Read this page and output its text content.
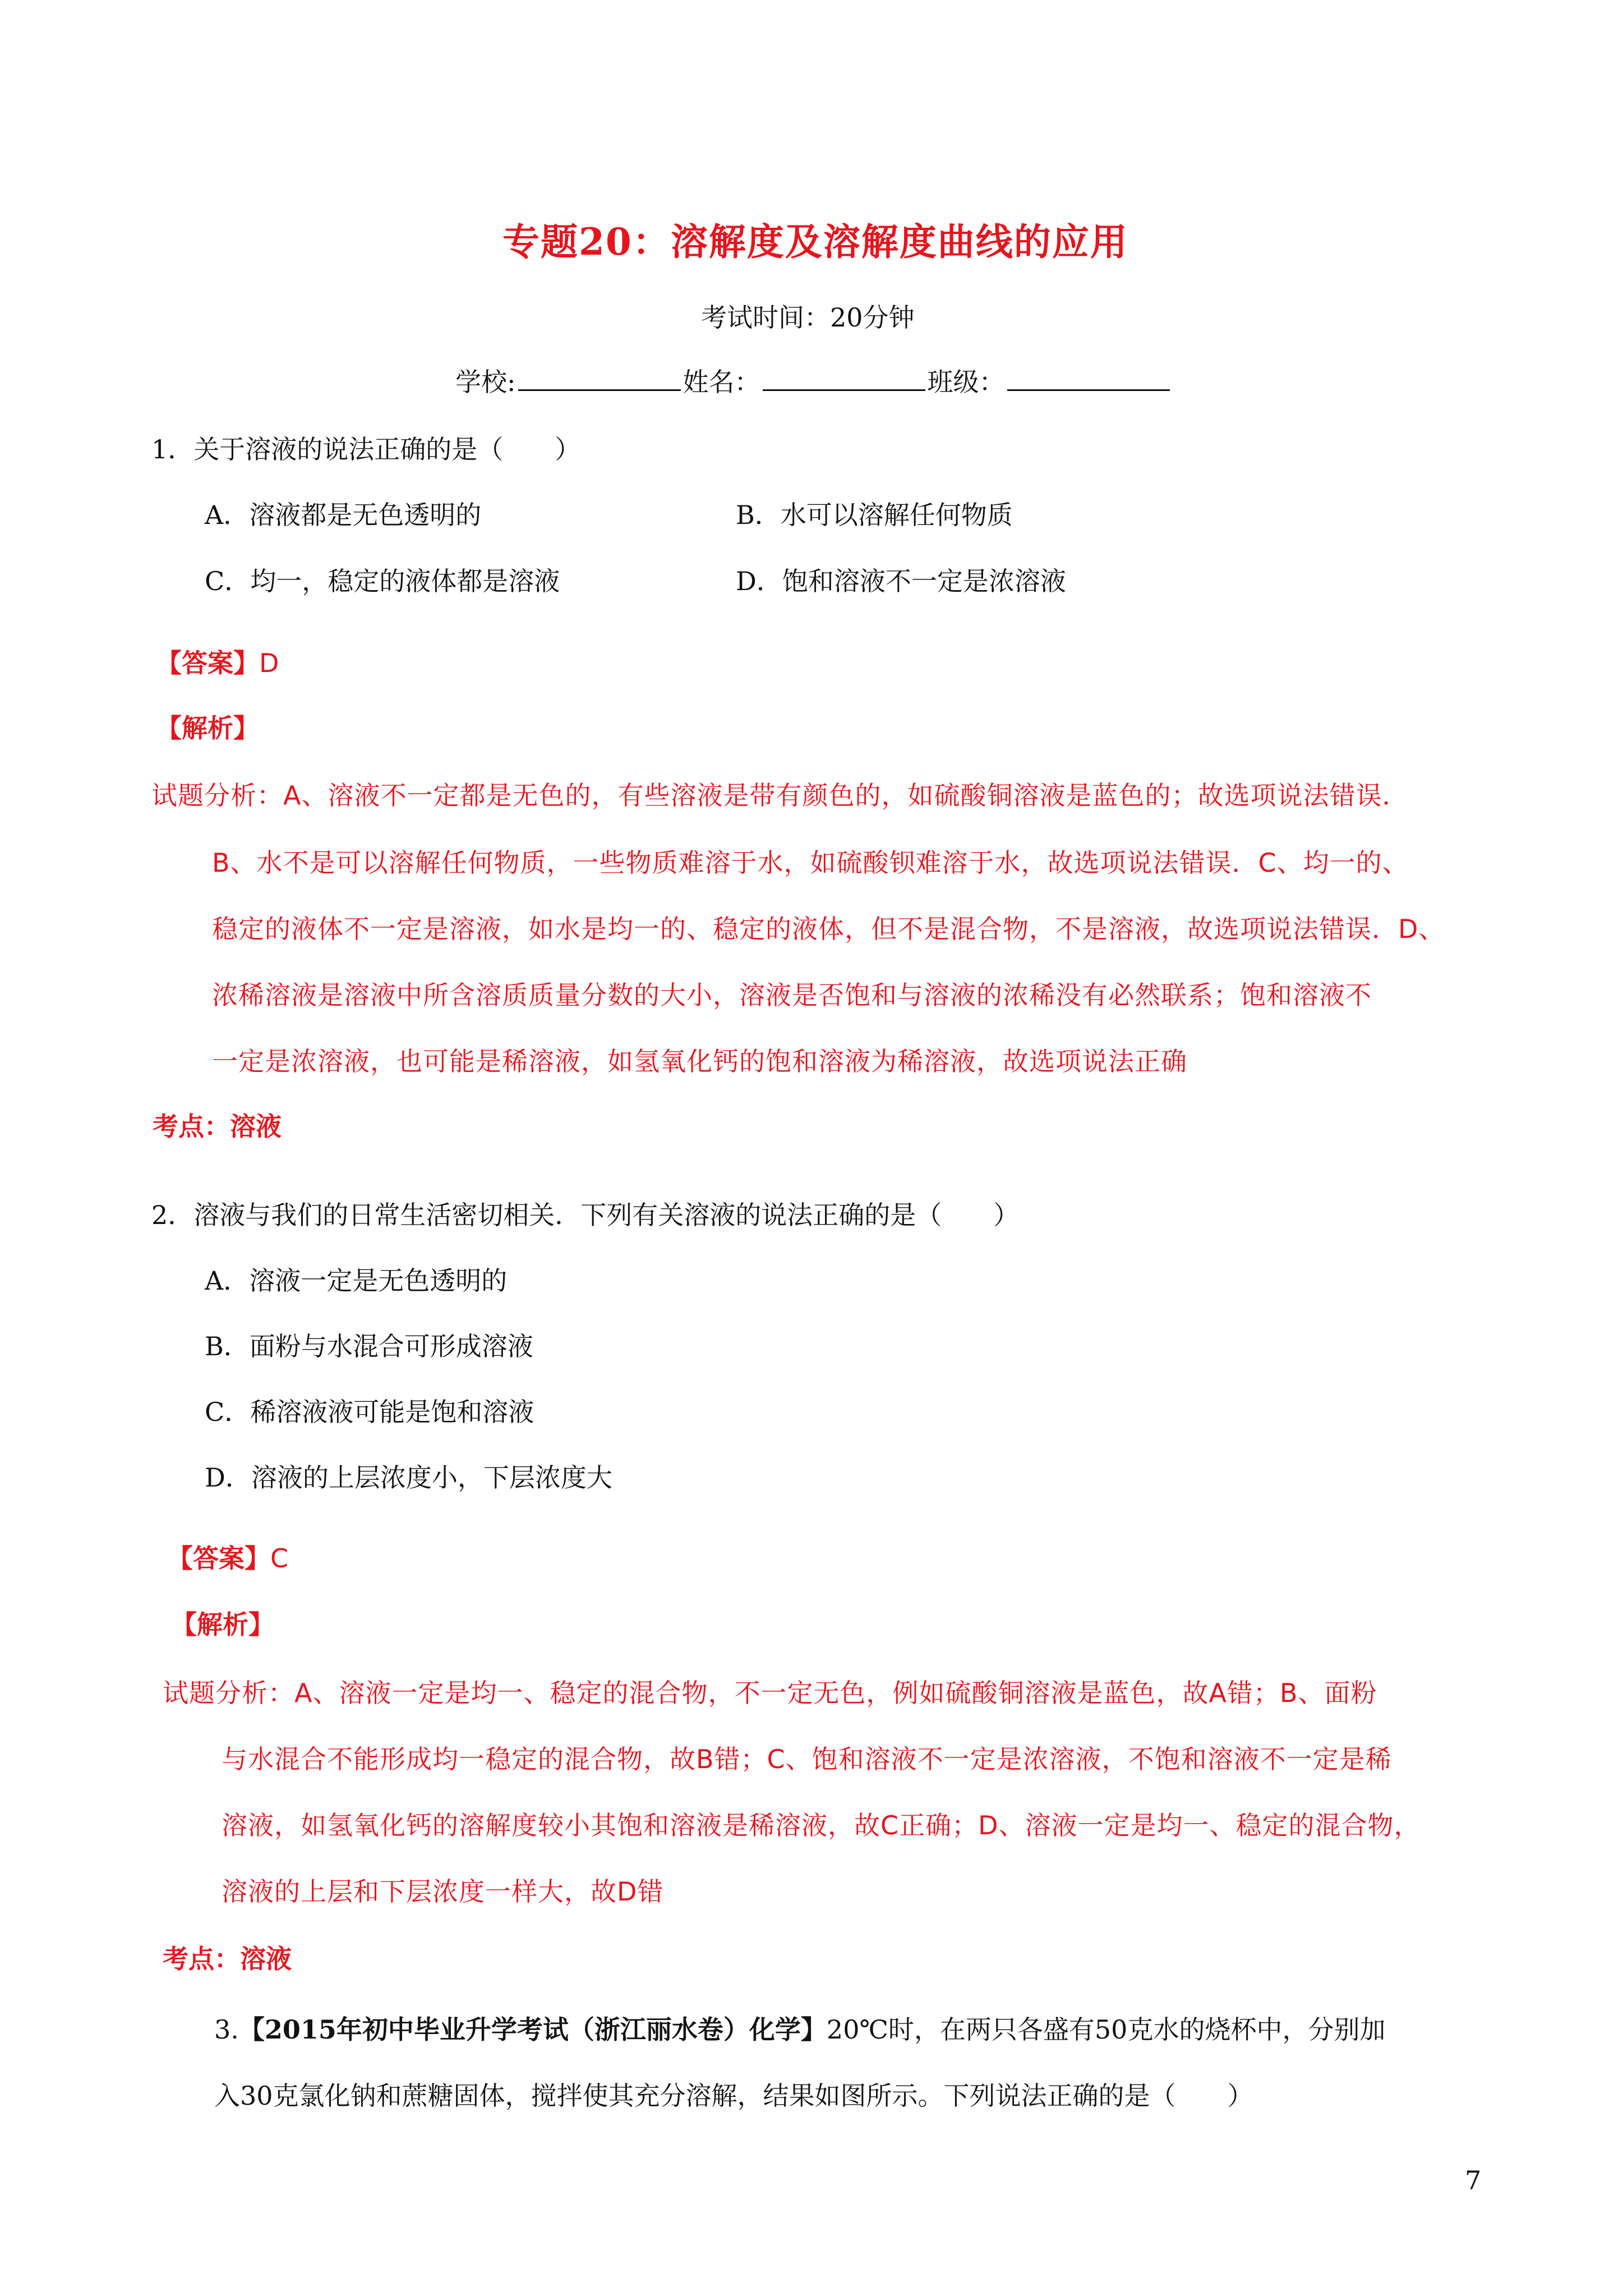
专题20：溶解度及溶解度曲线的应用
考试时间：20分钟
学校:	姓名：	班级：
1．关于溶液的说法正确的是（　　）
A．溶液都是无色透明的	B．水可以溶解任何物质
C．均一，稳定的液体都是溶液	D．饱和溶液不一定是浓溶液
【答案】D
【解析】
试题分析：A、溶液不一定都是无色的，有些溶液是带有颜色的，如硫酸铜溶液是蓝色的；故选项说法错误．
B、水不是可以溶解任何物质，一些物质难溶于水，如硫酸钡难溶于水，故选项说法错误．C、均一的、
稳定的液体不一定是溶液，如水是均一的、稳定的液体，但不是混合物，不是溶液，故选项说法错误．D、
浓稀溶液是溶液中所含溶质质量分数的大小，溶液是否饱和与溶液的浓稀没有必然联系；饱和溶液不
一定是浓溶液，也可能是稀溶液，如氢氧化钙的饱和溶液为稀溶液，故选项说法正确
考点：溶液
2．溶液与我们的日常生活密切相关．下列有关溶液的说法正确的是（　　）
A．溶液一定是无色透明的
B．面粉与水混合可形成溶液
C．稀溶液液可能是饱和溶液
D．溶液的上层浓度小，下层浓度大
【答案】C
【解析】
试题分析：A、溶液一定是均一、稳定的混合物，不一定无色，例如硫酸铜溶液是蓝色，故A错；B、面粉
与水混合不能形成均一稳定的混合物，故B错；C、饱和溶液不一定是浓溶液，不饱和溶液不一定是稀
溶液，如氢氧化钙的溶解度较小其饱和溶液是稀溶液，故C正确；D、溶液一定是均一、稳定的混合物，
溶液的上层和下层浓度一样大，故D错
考点：溶液
3.【2015年初中毕业升学考试（浙江丽水卷）化学】20℃时，在两只各盛有50克水的烧杯中，分别加
入30克氯化钠和蔗糖固体，搅拌使其充分溶解，结果如图所示。下列说法正确的是（　　）
7
